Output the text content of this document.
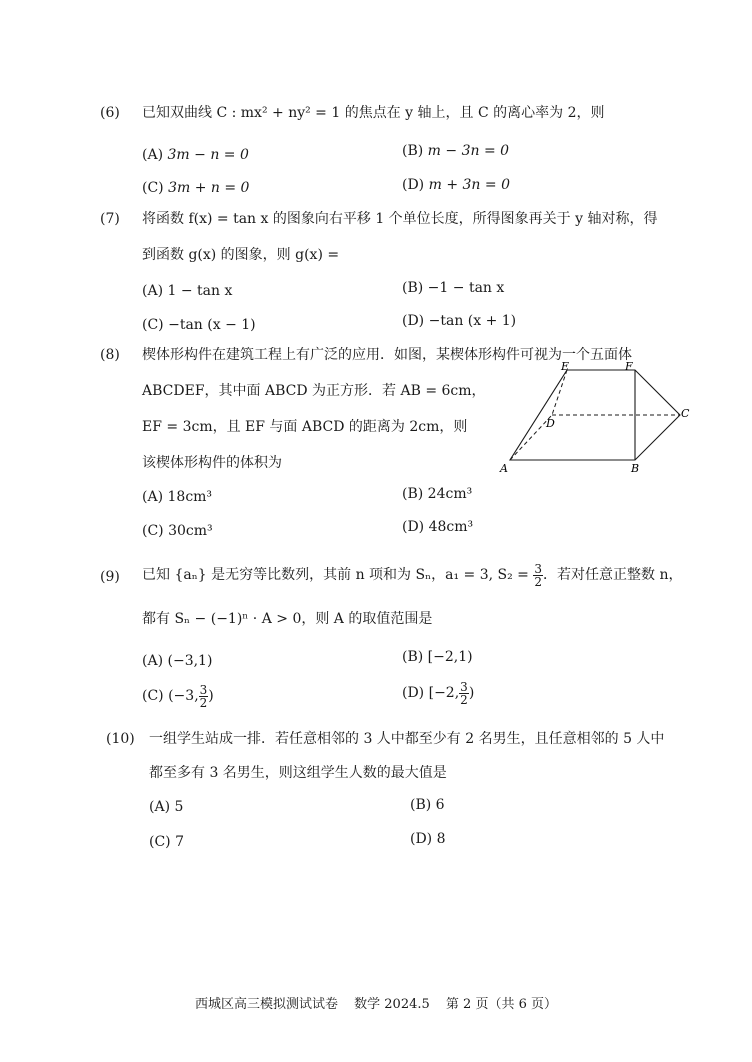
(6) 已知双曲线 C : mx² + ny² = 1 的焦点在 y 轴上，且 C 的离心率为 2，则
(A) 3m − n = 0	(B) m − 3n = 0
(C) 3m + n = 0	(D) m + 3n = 0
(7) 将函数 f(x) = tan x 的图象向右平移 1 个单位长度，所得图象再关于 y 轴对称，得
到函数 g(x) 的图象，则 g(x) =
(A) 1 − tan x	(B) −1 − tan x
(C) −tan (x − 1)	(D) −tan (x + 1)
(8) 楔体形构件在建筑工程上有广泛的应用．如图，某楔体形构件可视为一个五面体
ABCDEF，其中面 ABCD 为正方形．若 AB = 6cm，
EF = 3cm，且 EF 与面 ABCD 的距离为 2cm，则
该楔体形构件的体积为
E	F
C
D
A	B
(A) 18cm³	(B) 24cm³
(C) 30cm³	(D) 48cm³
(9) 已知 {aₙ} 是无穷等比数列，其前 n 项和为 Sₙ，a₁ = 3, $S_2 = \frac{3}{2}$ ．若对任意正整数 n，
都有 Sₙ − (−1)ⁿ · A > 0，则 A 的取值范围是
(A) (−3,1)	(B) [−2,1)
(C) (−3, $\frac{3}{2}$ )	(D) [−2, $\frac{3}{2}$ )
(10) 一组学生站成一排．若任意相邻的 3 人中都至少有 2 名男生，且任意相邻的 5 人中
都至多有 3 名男生，则这组学生人数的最大值是
(A) 5	(B) 6
(C) 7	(D) 8
西城区高三模拟测试试卷 数学 2024.5 第 2 页（共 6 页）
